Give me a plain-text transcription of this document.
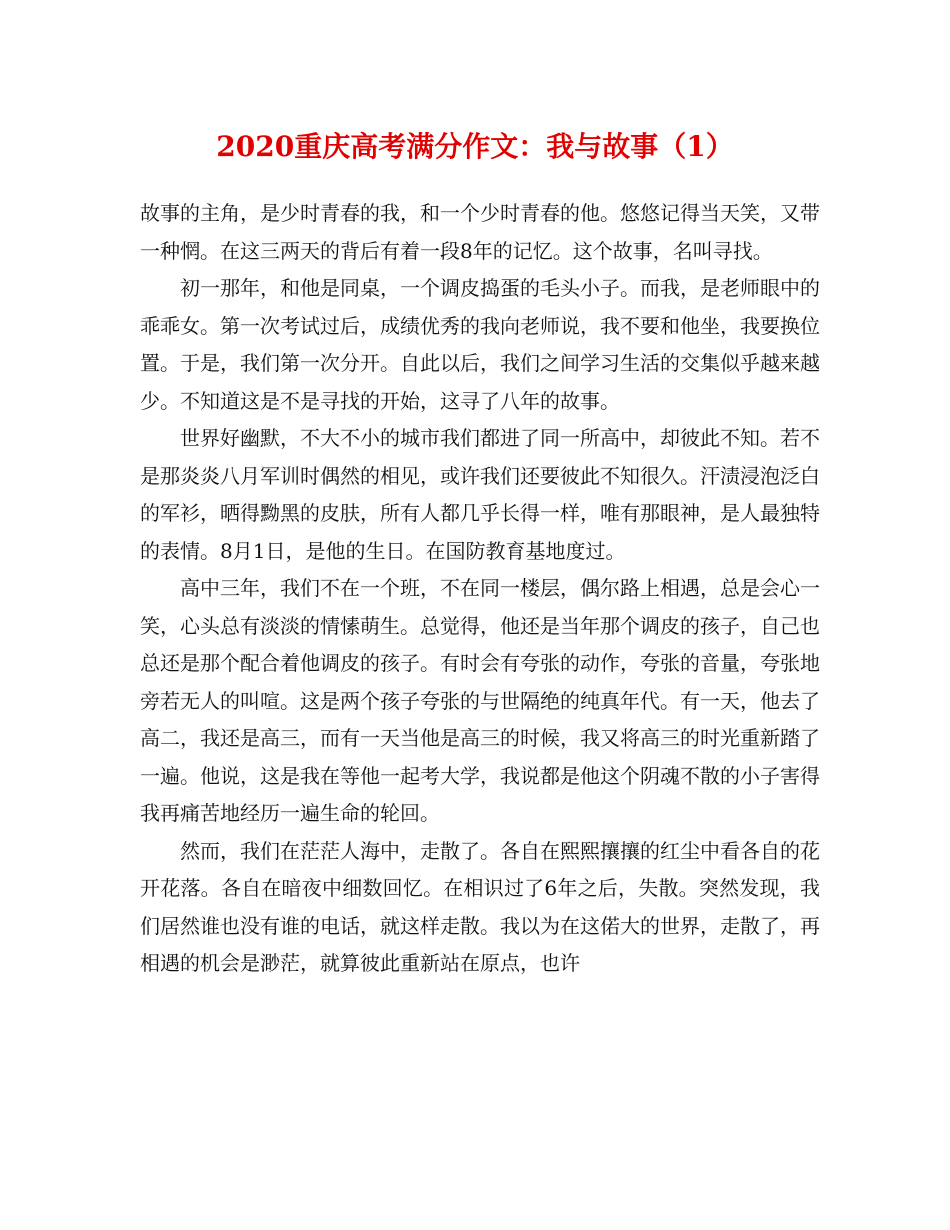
2020重庆高考满分作文：我与故事（1）

故事的主角，是少时青春的我，和一个少时青春的他。悠悠记得当天笑，又带一种惘。在这三两天的背后有着一段8年的记忆。这个故事，名叫寻找。

初一那年，和他是同桌，一个调皮捣蛋的毛头小子。而我，是老师眼中的乖乖女。第一次考试过后，成绩优秀的我向老师说，我不要和他坐，我要换位置。于是，我们第一次分开。自此以后，我们之间学习生活的交集似乎越来越少。不知道这是不是寻找的开始，这寻了八年的故事。

世界好幽默，不大不小的城市我们都进了同一所高中，却彼此不知。若不是那炎炎八月军训时偶然的相见，或许我们还要彼此不知很久。汗渍浸泡泛白的军衫，晒得黝黑的皮肤，所有人都几乎长得一样，唯有那眼神，是人最独特的表情。8月1日，是他的生日。在国防教育基地度过。

高中三年，我们不在一个班，不在同一楼层，偶尔路上相遇，总是会心一笑，心头总有淡淡的情愫萌生。总觉得，他还是当年那个调皮的孩子，自己也总还是那个配合着他调皮的孩子。有时会有夸张的动作，夸张的音量，夸张地旁若无人的叫喧。这是两个孩子夸张的与世隔绝的纯真年代。有一天，他去了高二，我还是高三，而有一天当他是高三的时候，我又将高三的时光重新踏了一遍。他说，这是我在等他一起考大学，我说都是他这个阴魂不散的小子害得我再痛苦地经历一遍生命的轮回。

然而，我们在茫茫人海中，走散了。各自在熙熙攘攘的红尘中看各自的花开花落。各自在暗夜中细数回忆。在相识过了6年之后，失散。突然发现，我们居然谁也没有谁的电话，就这样走散。我以为在这偌大的世界，走散了，再相遇的机会是渺茫，就算彼此重新站在原点，也许
